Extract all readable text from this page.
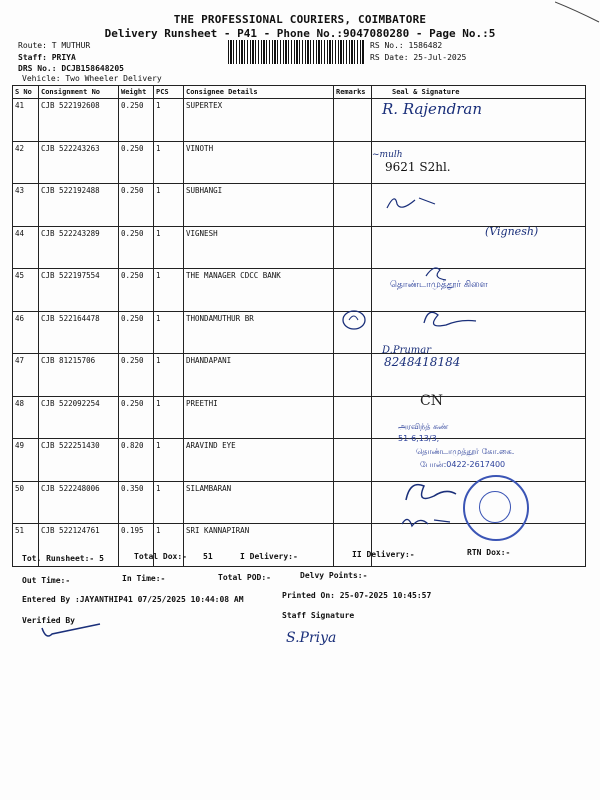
THE PROFESSIONAL COURIERS, COIMBATORE
Delivery Runsheet - P41 - Phone No.:9047080280 - Page No.:5
Route: T MUTHUR
Staff: PRIYA
DRS No.: DCJB158648205
Vehicle: Two Wheeler Delivery
RS No.: 1586482
RS Date: 25-Jul-2025
S No	Consignment No	Weight	PCS	Consignee Details	Remarks	Seal & Signature
41	CJB 522192608	0.250	1	SUPERTEX		
42	CJB 522243263	0.250	1	VINOTH		
43	CJB 522192488	0.250	1	SUBHANGI		
44	CJB 522243289	0.250	1	VIGNESH		
45	CJB 522197554	0.250	1	THE MANAGER CDCC BANK		
46	CJB 522164478	0.250	1	THONDAMUTHUR BR		
47	CJB 81215706	0.250	1	DHANDAPANI		
48	CJB 522092254	0.250	1	PREETHI		
49	CJB 522251430	0.820	1	ARAVIND EYE		
50	CJB 522248006	0.350	1	SILAMBARAN		
51	CJB 522124761	0.195	1	SRI KANNAPIRAN		
R. Rajendran
~mulh
9621 S2hl.
(Vignesh)
தொண்டாமுத்தூர் கிளை
D.Prumar
8248418184
CN
அரவிந்த் கண்
51-6,13/3,
தொண்டாமுத்தூர் கோ.கை.
போன்:0422-2617400
Tot. Runsheet:- 5	Total Dox:- 51	I Delivery:-	II Delivery:-	RTN Dox:-
Out Time:-	In Time:-	Total POD:-	Delvy Points:-
Entered By :JAYANTHIP41 07/25/2025 10:44:08 AM	Printed On: 25-07-2025 10:45:57
Verified By
Staff Signature
S.Priya
